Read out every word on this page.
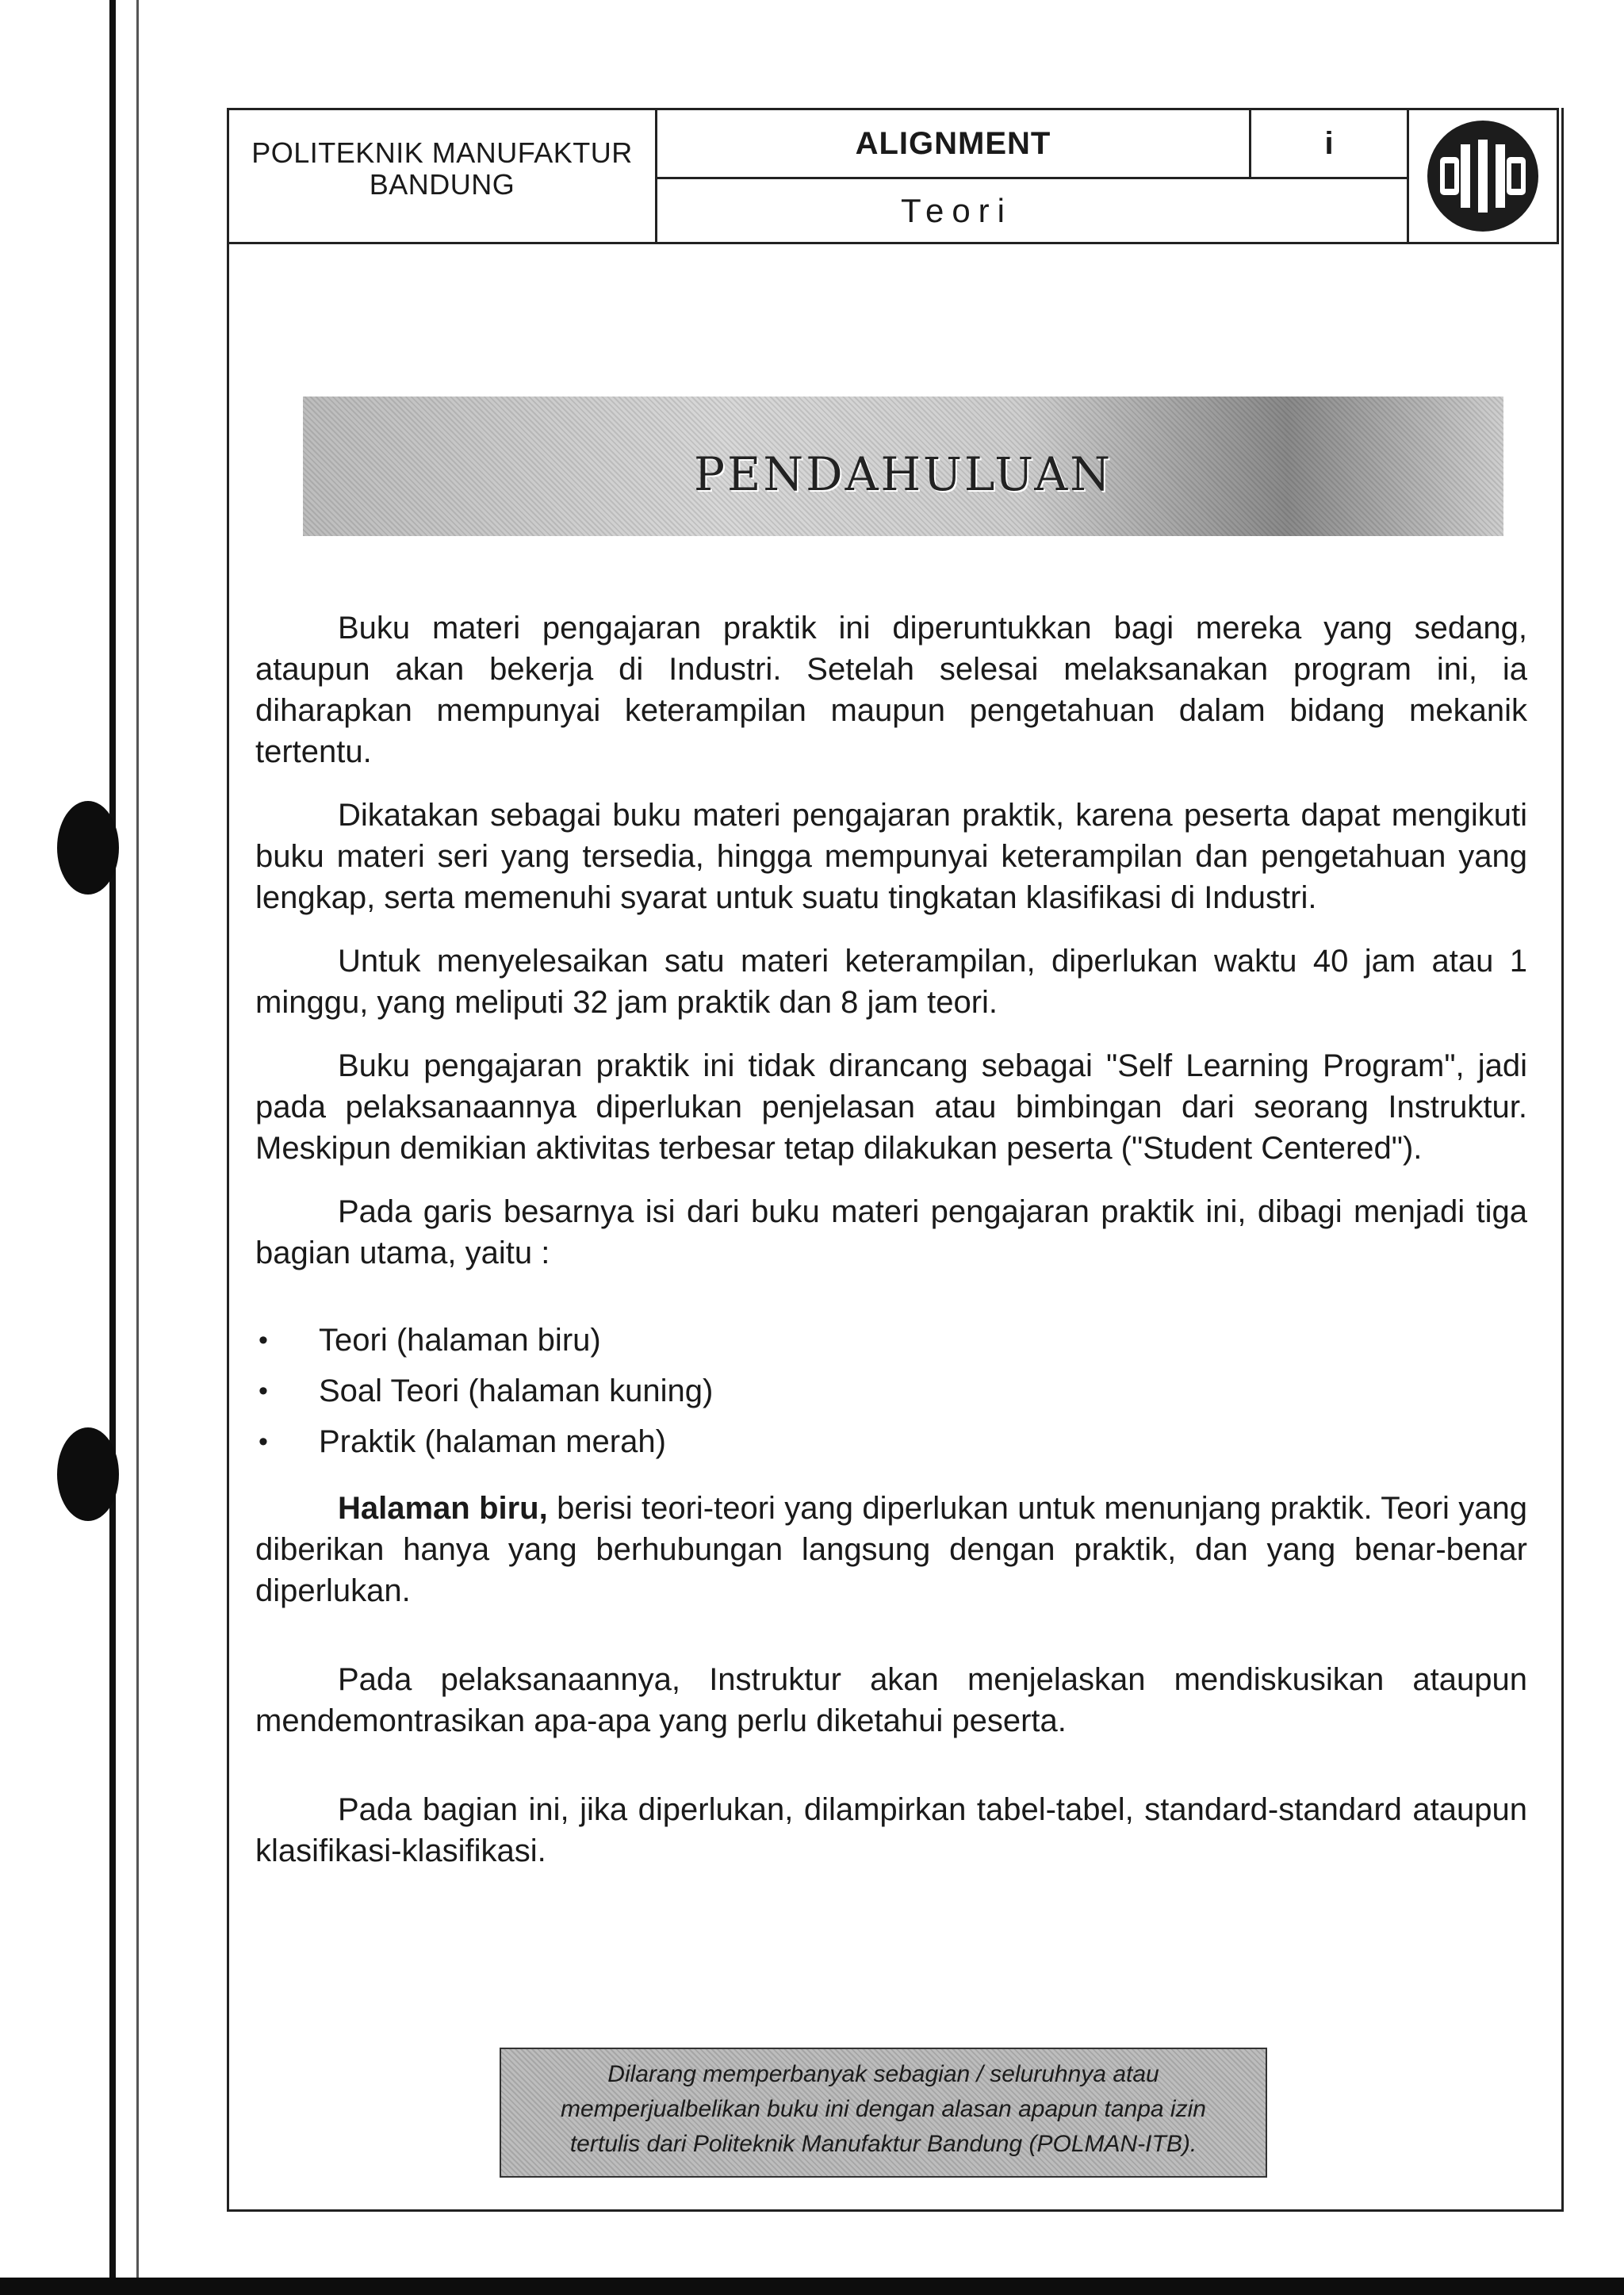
POLITEKNIK MANUFAKTUR
BANDUNG
ALIGNMENT	i
Teori
PENDAHULUAN

Buku materi pengajaran praktik ini diperuntukkan bagi mereka yang sedang, ataupun akan bekerja di Industri. Setelah selesai melaksanakan program ini, ia diharapkan mempunyai keterampilan maupun pengetahuan dalam bidang mekanik tertentu.

Dikatakan sebagai buku materi pengajaran praktik, karena peserta dapat mengikuti buku materi seri yang tersedia, hingga mempunyai keterampilan dan pengetahuan yang lengkap, serta memenuhi syarat untuk suatu tingkatan klasifikasi di Industri.

Untuk menyelesaikan satu materi keterampilan, diperlukan waktu 40 jam atau 1 minggu, yang meliputi 32 jam praktik dan 8 jam teori.

Buku pengajaran praktik ini tidak dirancang sebagai "Self Learning Program", jadi pada pelaksanaannya diperlukan penjelasan atau bimbingan dari seorang Instruktur. Meskipun demikian aktivitas terbesar tetap dilakukan peserta ("Student Centered").

Pada garis besarnya isi dari buku materi pengajaran praktik ini, dibagi menjadi tiga bagian utama, yaitu :

•	Teori (halaman biru)
•	Soal Teori (halaman kuning)
•	Praktik (halaman merah)

Halaman biru, berisi teori-teori yang diperlukan untuk menunjang praktik. Teori yang diberikan hanya yang berhubungan langsung dengan praktik, dan yang benar-benar diperlukan.

Pada pelaksanaannya, Instruktur akan menjelaskan mendiskusikan ataupun mendemontrasikan apa-apa yang perlu diketahui peserta.

Pada bagian ini, jika diperlukan, dilampirkan tabel-tabel, standard-standard ataupun klasifikasi-klasifikasi.

Dilarang memperbanyak sebagian / seluruhnya atau
memperjualbelikan buku ini dengan alasan apapun tanpa izin
tertulis dari Politeknik Manufaktur Bandung (POLMAN-ITB).
